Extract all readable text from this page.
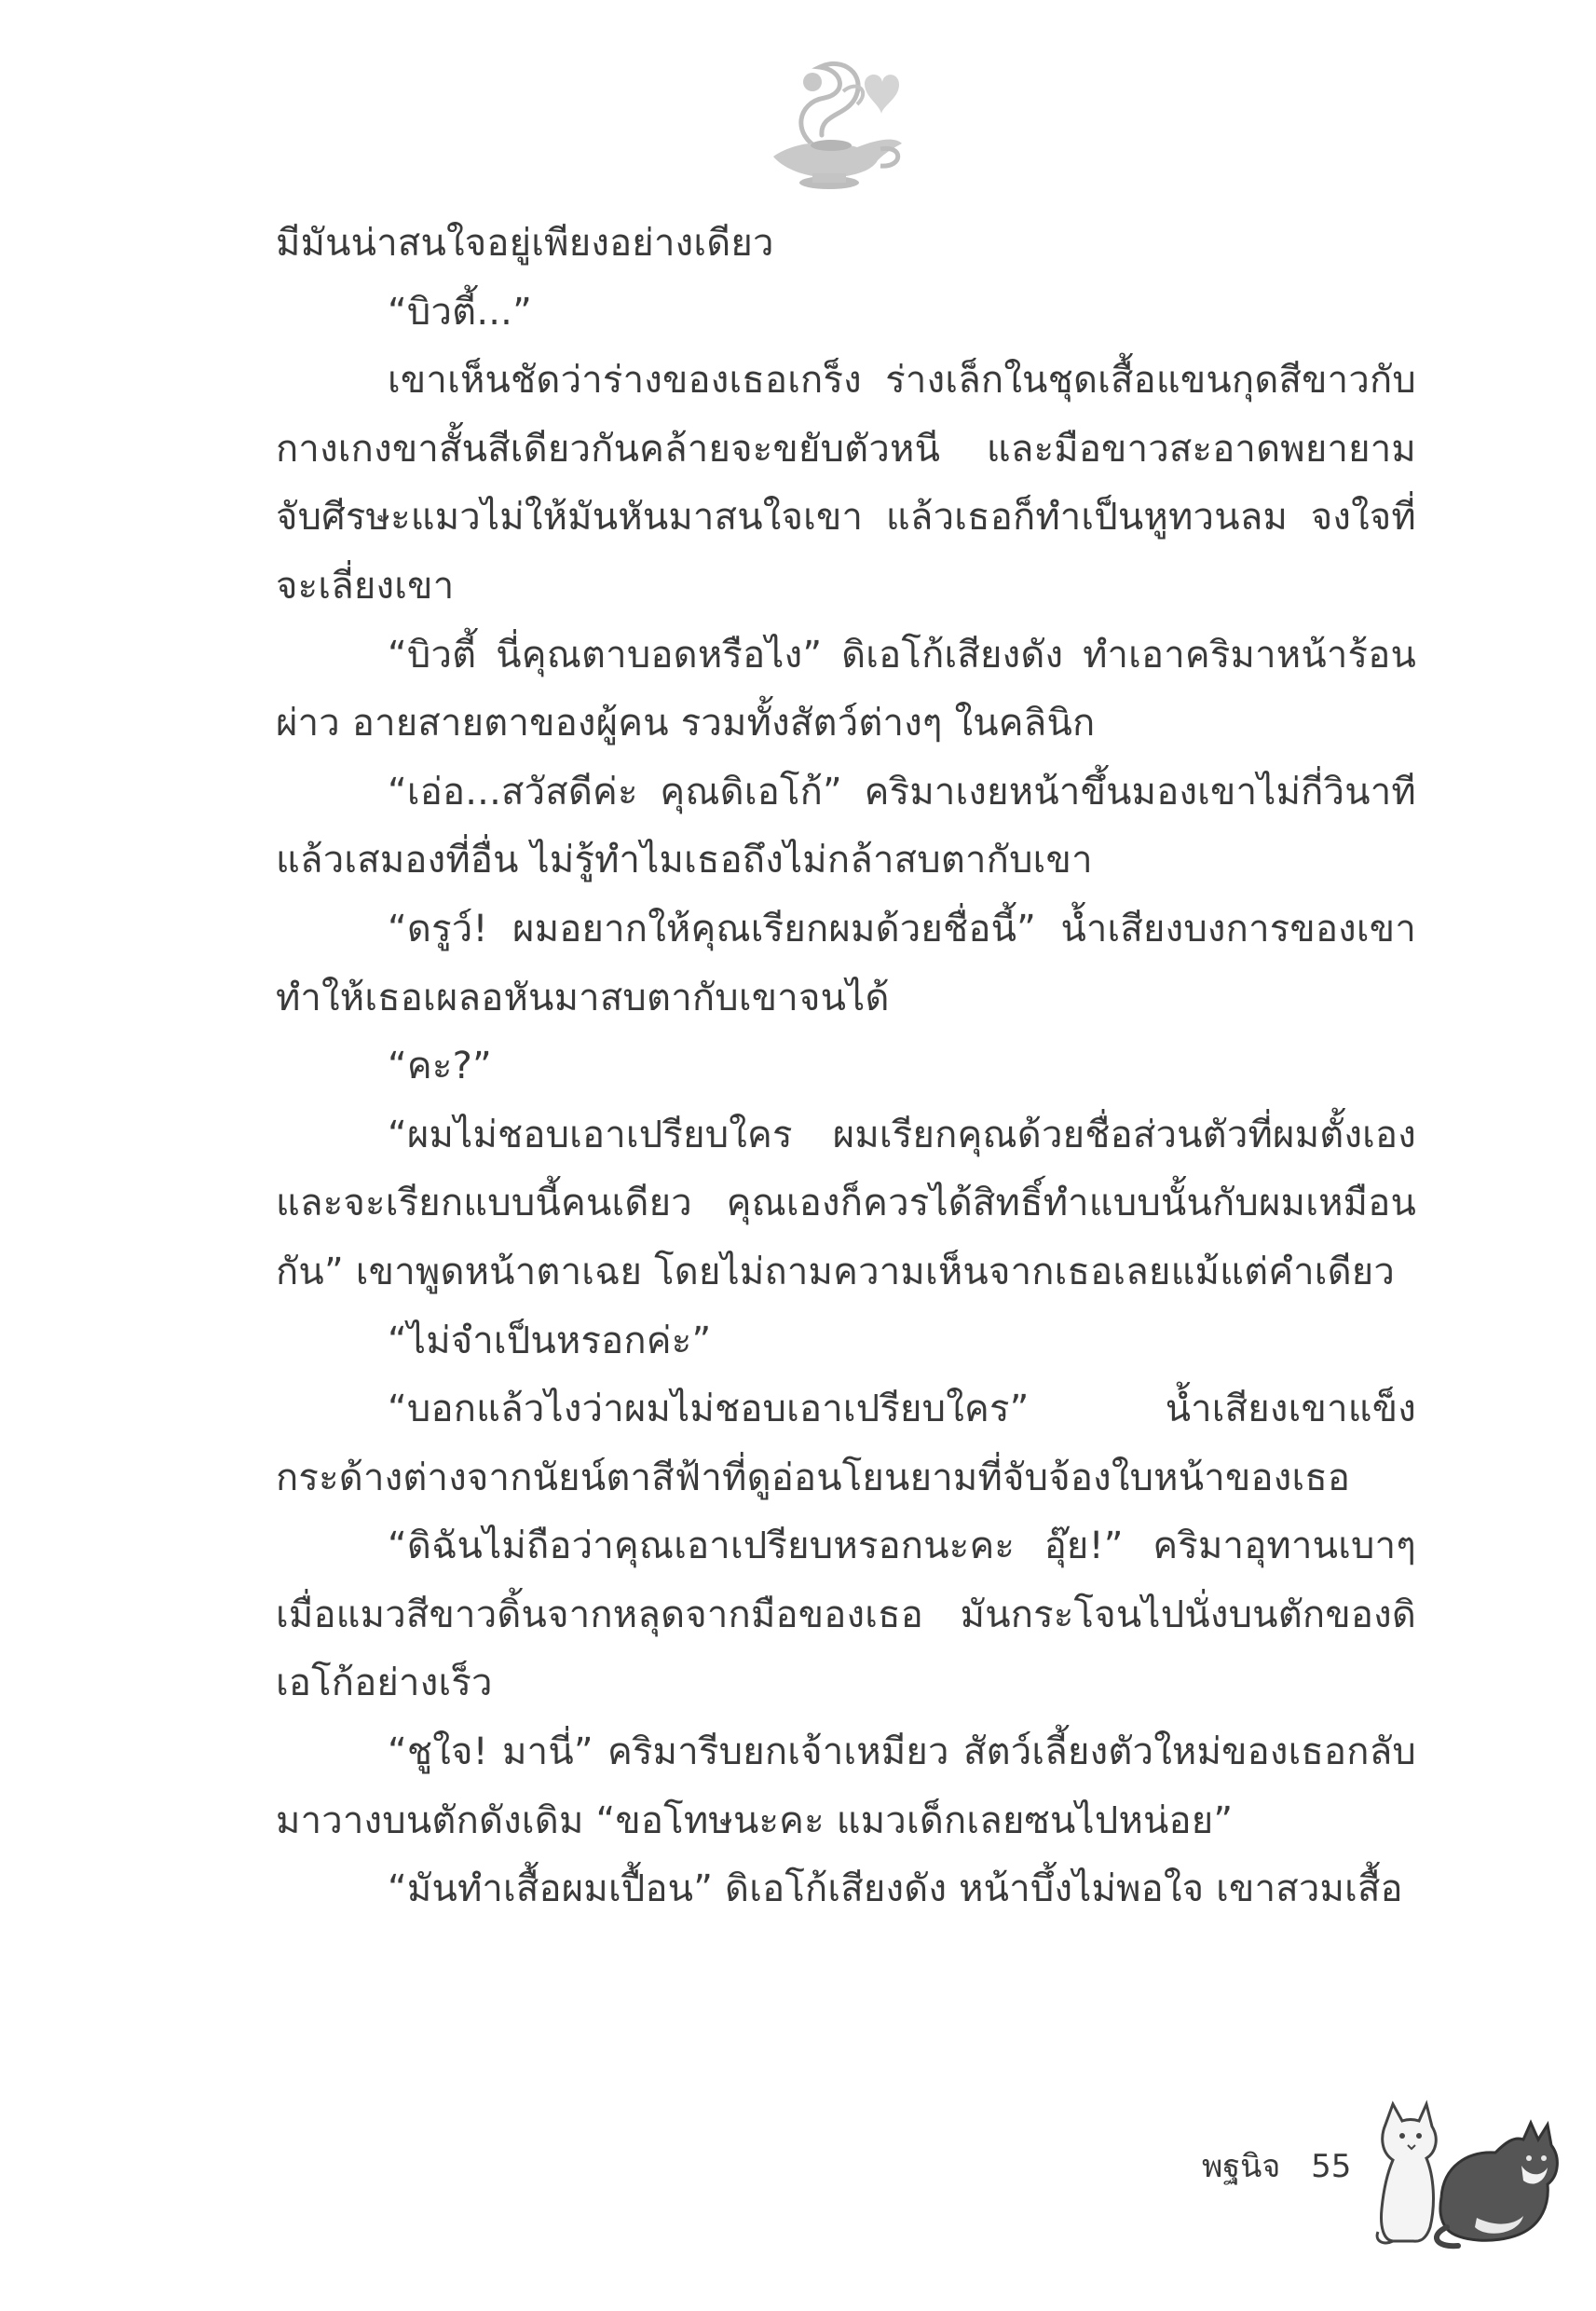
มีมันน่าสนใจอยู่เพียงอย่างเดียว

“บิวตี้...”

เขาเห็นชัดว่าร่างของเธอเกร็ง ร่างเล็กในชุดเสื้อแขนกุดสีขาวกับกางเกงขาสั้นสีเดียวกันคล้ายจะขยับตัวหนี และมือขาวสะอาดพยายามจับศีรษะแมวไม่ให้มันหันมาสนใจเขา แล้วเธอก็ทำเป็นหูทวนลม จงใจที่จะเลี่ยงเขา

“บิวตี้ นี่คุณตาบอดหรือไง” ดิเอโก้เสียงดัง ทำเอาคริมาหน้าร้อนผ่าว อายสายตาของผู้คน รวมทั้งสัตว์ต่างๆ ในคลินิก

“เอ่อ...สวัสดีค่ะ คุณดิเอโก้” คริมาเงยหน้าขึ้นมองเขาไม่กี่วินาทีแล้วเสมองที่อื่น ไม่รู้ทำไมเธอถึงไม่กล้าสบตากับเขา

“ดรูว์! ผมอยากให้คุณเรียกผมด้วยชื่อนี้” น้ำเสียงบงการของเขาทำให้เธอเผลอหันมาสบตากับเขาจนได้

“คะ?”

“ผมไม่ชอบเอาเปรียบใคร ผมเรียกคุณด้วยชื่อส่วนตัวที่ผมตั้งเองและจะเรียกแบบนี้คนเดียว คุณเองก็ควรได้สิทธิ์ทำแบบนั้นกับผมเหมือนกัน” เขาพูดหน้าตาเฉย โดยไม่ถามความเห็นจากเธอเลยแม้แต่คำเดียว

“ไม่จำเป็นหรอกค่ะ”

“บอกแล้วไงว่าผมไม่ชอบเอาเปรียบใคร” น้ำเสียงเขาแข็งกระด้างต่างจากนัยน์ตาสีฟ้าที่ดูอ่อนโยนยามที่จับจ้องใบหน้าของเธอ

“ดิฉันไม่ถือว่าคุณเอาเปรียบหรอกนะคะ อุ๊ย!” คริมาอุทานเบาๆ เมื่อแมวสีขาวดิ้นจากหลุดจากมือของเธอ มันกระโจนไปนั่งบนตักของดิเอโก้อย่างเร็ว

“ชูใจ! มานี่” คริมารีบยกเจ้าเหมียว สัตว์เลี้ยงตัวใหม่ของเธอกลับมาวางบนตักดังเดิม “ขอโทษนะคะ แมวเด็กเลยซนไปหน่อย”

“มันทำเสื้อผมเปื้อน” ดิเอโก้เสียงดัง หน้าบึ้งไม่พอใจ เขาสวมเสื้อ

พฐนิจ 55
